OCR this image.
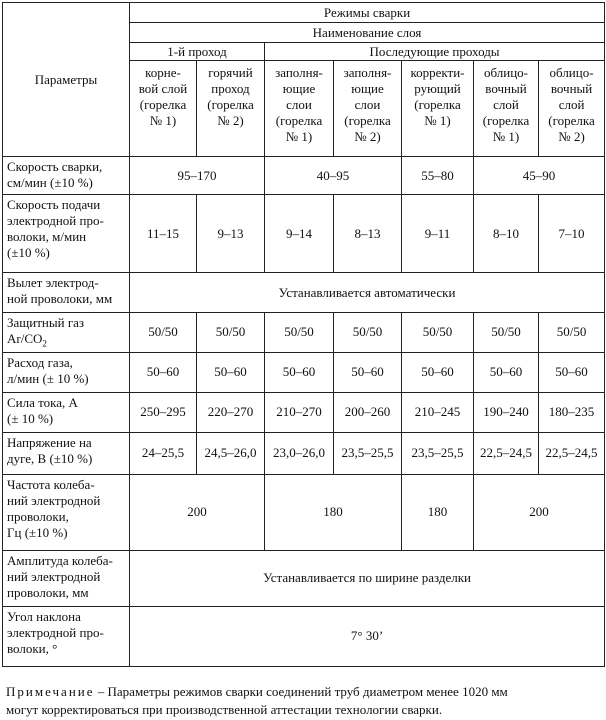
Параметры	Режимы сварки						
	Наименование слоя						
	1-й проход		Последующие проходы				
	корне-
вой слой
(горелка
№ 1)	горячий
проход
(горелка
№ 2)	заполня-
ющие
слои
(горелка
№ 1)	заполня-
ющие
слои
(горелка
№ 2)	корректи-
рующий
(горелка
№ 1)	облицо-
вочный
слой
(горелка
№ 1)	облицо-
вочный
слой
(горелка
№ 2)
Скорость сварки,
см/мин (±10 %)	95–170		40–95		55–80	45–90	
Скорость подачи
электродной про-
волоки, м/мин
(±10 %)	11–15	9–13	9–14	8–13	9–11	8–10	7–10
Вылет электрод-
ной проволоки, мм	Устанавливается автоматически						
Защитный газ
$Ar/CO_2$	50/50	50/50	50/50	50/50	50/50	50/50	50/50
Расход газа,
л/мин (± 10 %)	50–60	50–60	50–60	50–60	50–60	50–60	50–60
Сила тока, А
(± 10 %)	250–295	220–270	210–270	200–260	210–245	190–240	180–235
Напряжение на
дуге, В (±10 %)	24–25,5	24,5–26,0	23,0–26,0	23,5–25,5	23,5–25,5	22,5–24,5	22,5–24,5
Частота колеба-
ний электродной
проволоки,
Гц (±10 %)	200		180		180	200	
Амплитуда колеба-
ний электродной
проволоки, мм	Устанавливается по ширине разделки						
Угол наклона
электродной про-
волоки, °	7° 30’						
Примечание – Параметры режимов сварки соединений труб диаметром менее 1020 мм
могут корректироваться при производственной аттестации технологии сварки.
